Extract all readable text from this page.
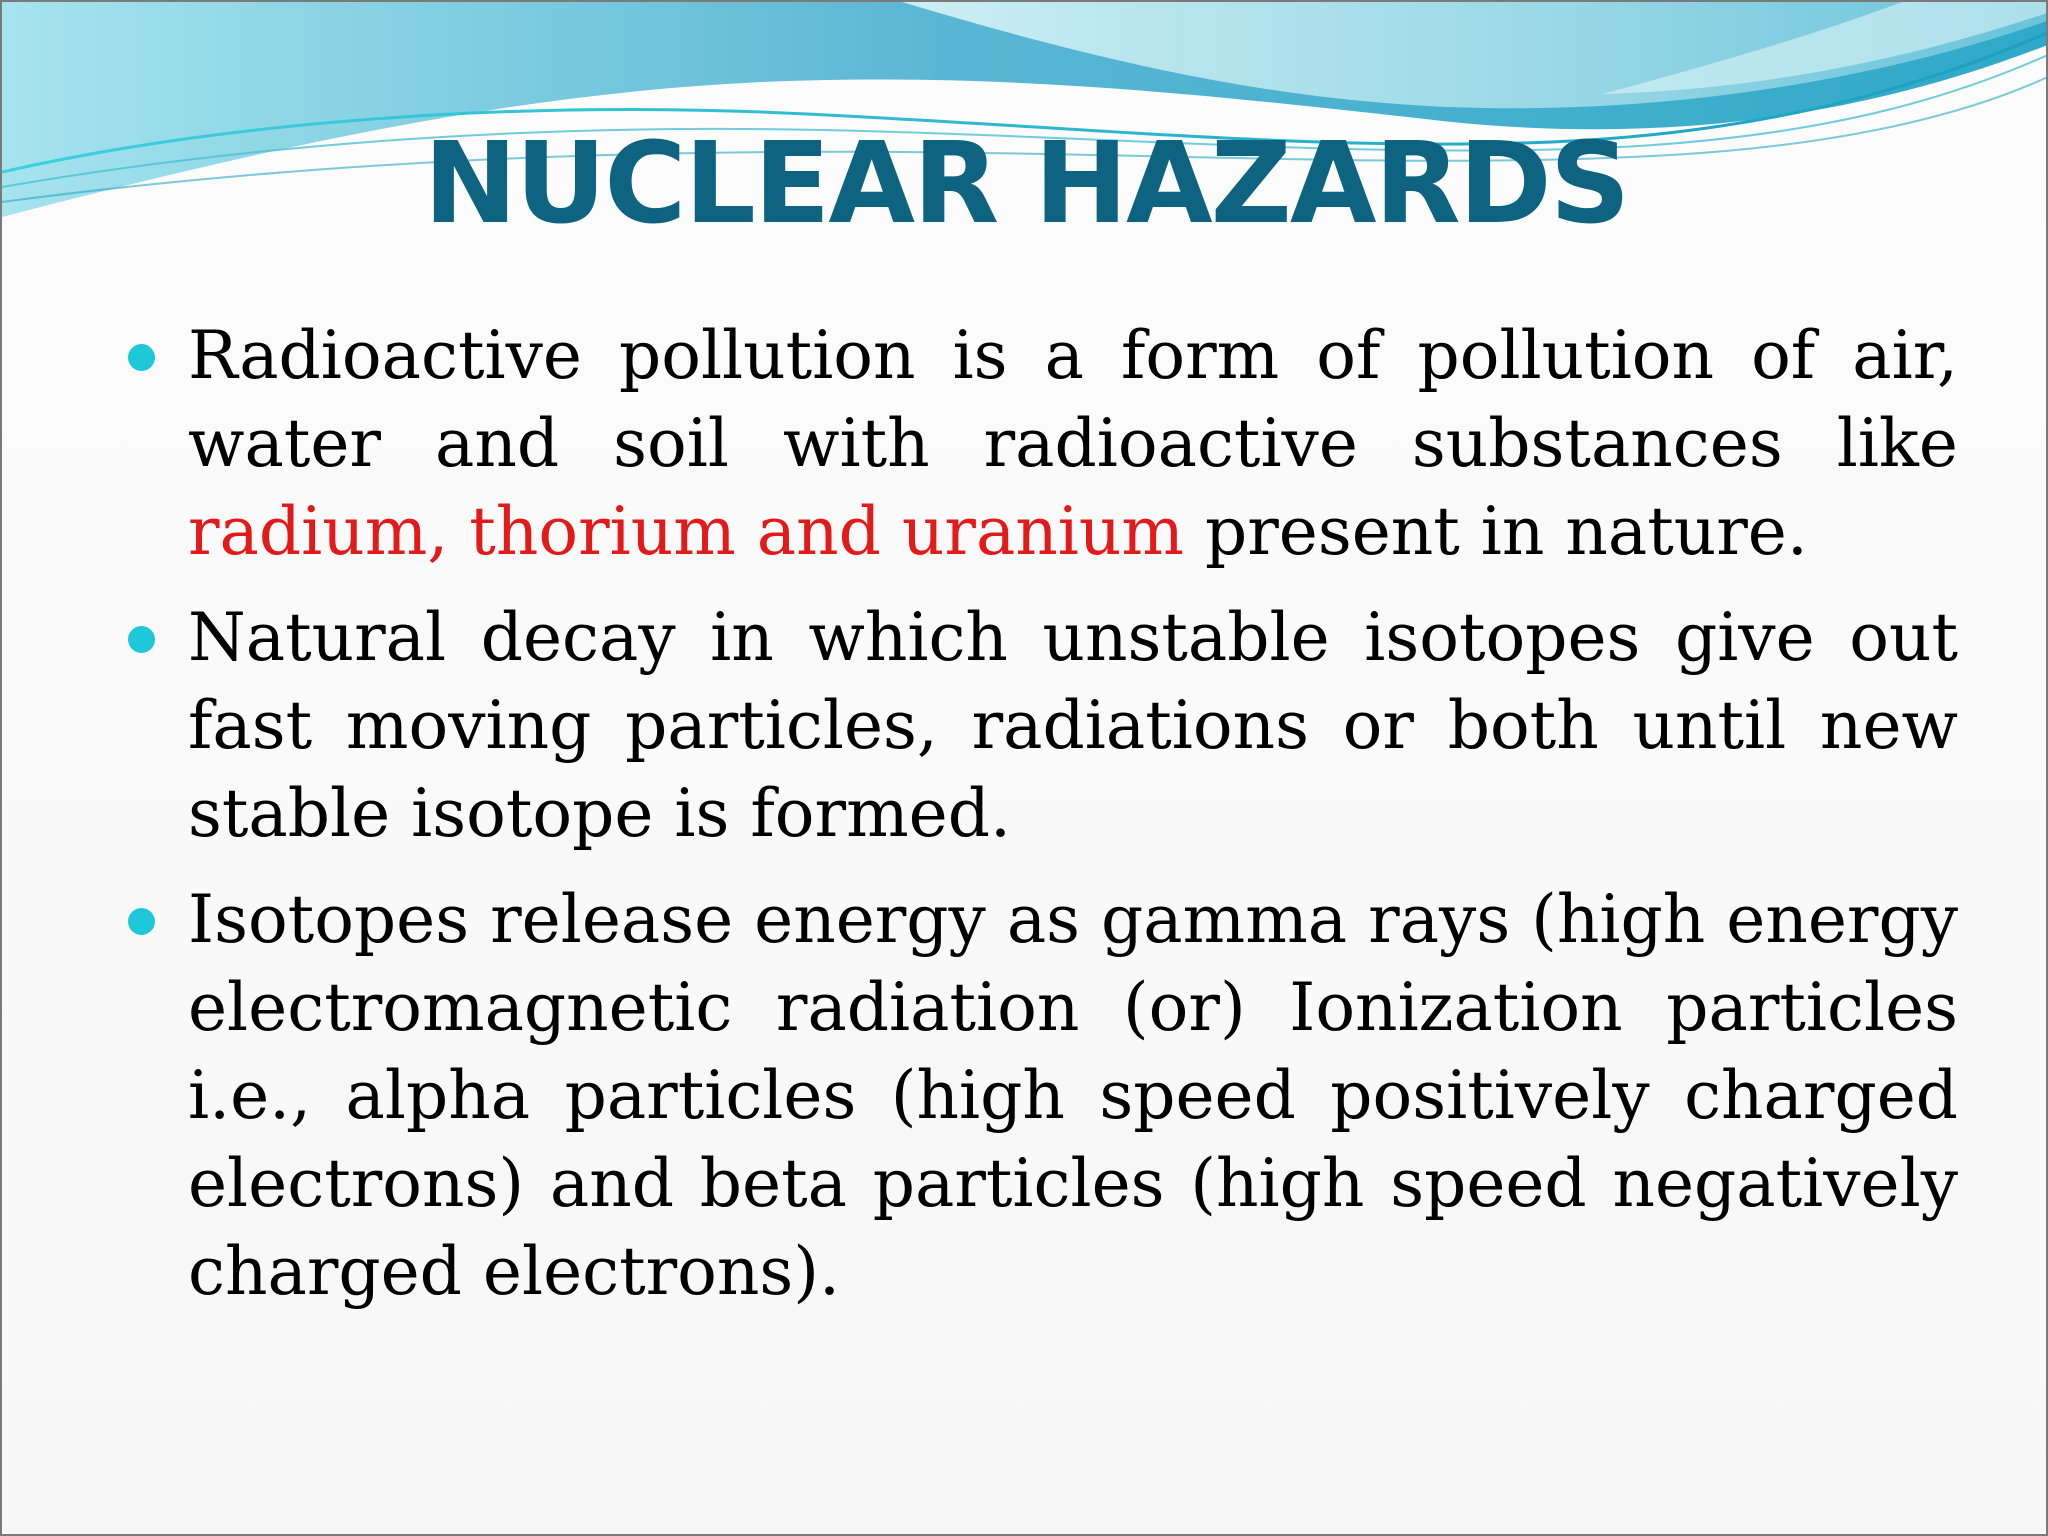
NUCLEAR HAZARDS
Radioactive pollution is a form of pollution of air, water and soil with radioactive substances like radium, thorium and uranium present in nature.
Natural decay in which unstable isotopes give out fast moving particles, radiations or both until new stable isotope is formed.
Isotopes release energy as gamma rays (high energy electromagnetic radiation (or) Ionization particles i.e., alpha particles (high speed positively charged electrons) and beta particles (high speed negatively charged electrons).
